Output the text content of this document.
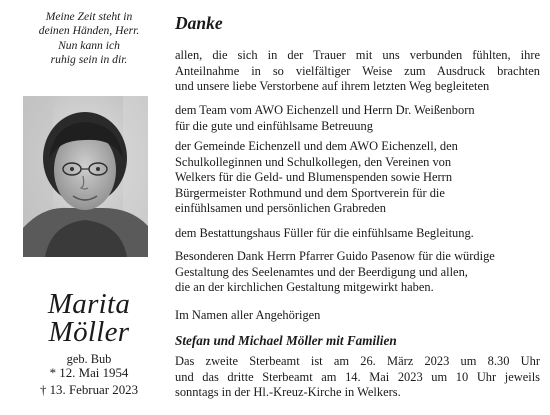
Meine Zeit steht in
deinen Händen, Herr.
Nun kann ich
ruhig sein in dir.
Marita
Möller
geb. Bub
* 12. Mai 1954
† 13. Februar 2023
Danke
allen, die sich in der Trauer mit uns verbunden fühlten, ihre
Anteilnahme in so vielfältiger Weise zum Ausdruck brachten
und unsere liebe Verstorbene auf ihrem letzten Weg begleiteten
dem Team vom AWO Eichenzell und Herrn Dr. Weißenborn
für die gute und einfühlsame Betreuung
der Gemeinde Eichenzell und dem AWO Eichenzell, den
Schulkolleginnen und Schulkollegen, den Vereinen von
Welkers für die Geld- und Blumenspenden sowie Herrn
Bürgermeister Rothmund und dem Sportverein für die
einfühlsamen und persönlichen Grabreden
dem Bestattungshaus Füller für die einfühlsame Begleitung.
Besonderen Dank Herrn Pfarrer Guido Pasenow für die würdige
Gestaltung des Seelenamtes und der Beerdigung und allen,
die an der kirchlichen Gestaltung mitgewirkt haben.
Im Namen aller Angehörigen
Stefan und Michael Möller mit Familien
Das zweite Sterbeamt ist am 26. März 2023 um 8.30 Uhr
und das dritte Sterbeamt am 14. Mai 2023 um 10 Uhr jeweils
sonntags in der Hl.-Kreuz-Kirche in Welkers.
